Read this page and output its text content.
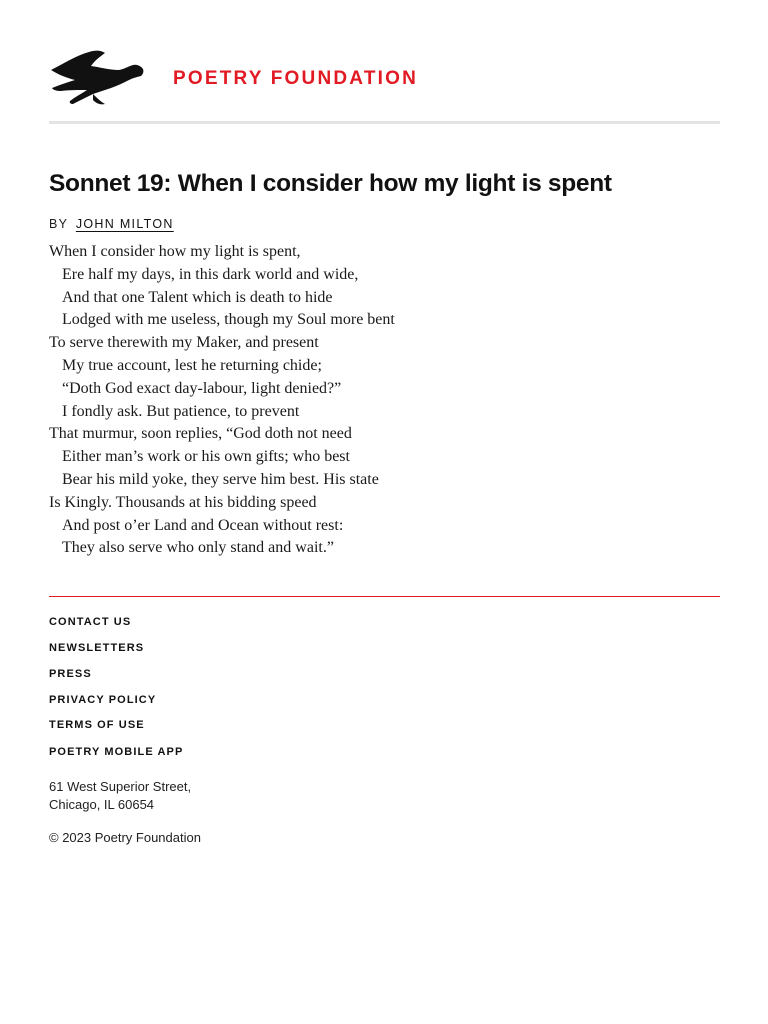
POETRY FOUNDATION
Sonnet 19: When I consider how my light is spent
BY JOHN MILTON
When I consider how my light is spent,
Ere half my days, in this dark world and wide,
And that one Talent which is death to hide
Lodged with me useless, though my Soul more bent
To serve therewith my Maker, and present
My true account, lest he returning chide;
“Doth God exact day-labour, light denied?”
I fondly ask. But patience, to prevent
That murmur, soon replies, “God doth not need
Either man’s work or his own gifts; who best
Bear his mild yoke, they serve him best. His state
Is Kingly. Thousands at his bidding speed
And post o’er Land and Ocean without rest:
They also serve who only stand and wait.”
CONTACT US
NEWSLETTERS
PRESS
PRIVACY POLICY
TERMS OF USE
POETRY MOBILE APP
61 West Superior Street,
Chicago, IL 60654
© 2023 Poetry Foundation
